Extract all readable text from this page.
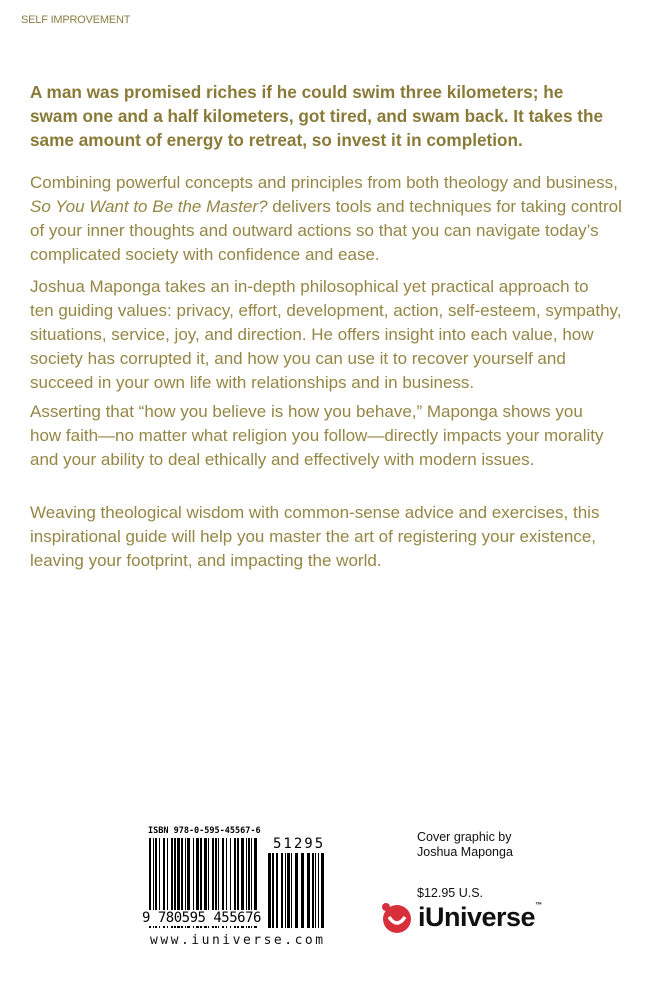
SELF IMPROVEMENT
A man was promised riches if he could swim three kilometers; he
swam one and a half kilometers, got tired, and swam back. It takes the
same amount of energy to retreat, so invest it in completion.
Combining powerful concepts and principles from both theology and business,
So You Want to Be the Master? delivers tools and techniques for taking control
of your inner thoughts and outward actions so that you can navigate today’s
complicated society with confidence and ease.
Joshua Maponga takes an in-depth philosophical yet practical approach to
ten guiding values: privacy, effort, development, action, self-esteem, sympathy,
situations, service, joy, and direction. He offers insight into each value, how
society has corrupted it, and how you can use it to recover yourself and
succeed in your own life with relationships and in business.
Asserting that “how you believe is how you behave,” Maponga shows you
how faith—no matter what religion you follow—directly impacts your morality
and your ability to deal ethically and effectively with modern issues.
Weaving theological wisdom with common-sense advice and exercises, this
inspirational guide will help you master the art of registering your existence,
leaving your footprint, and impacting the world.
ISBN 978-0-595-45567-6
51295
9 780595 455676
www.iuniverse.com
Cover graphic by
Joshua Maponga
$12.95 U.S.
iUniverse™
